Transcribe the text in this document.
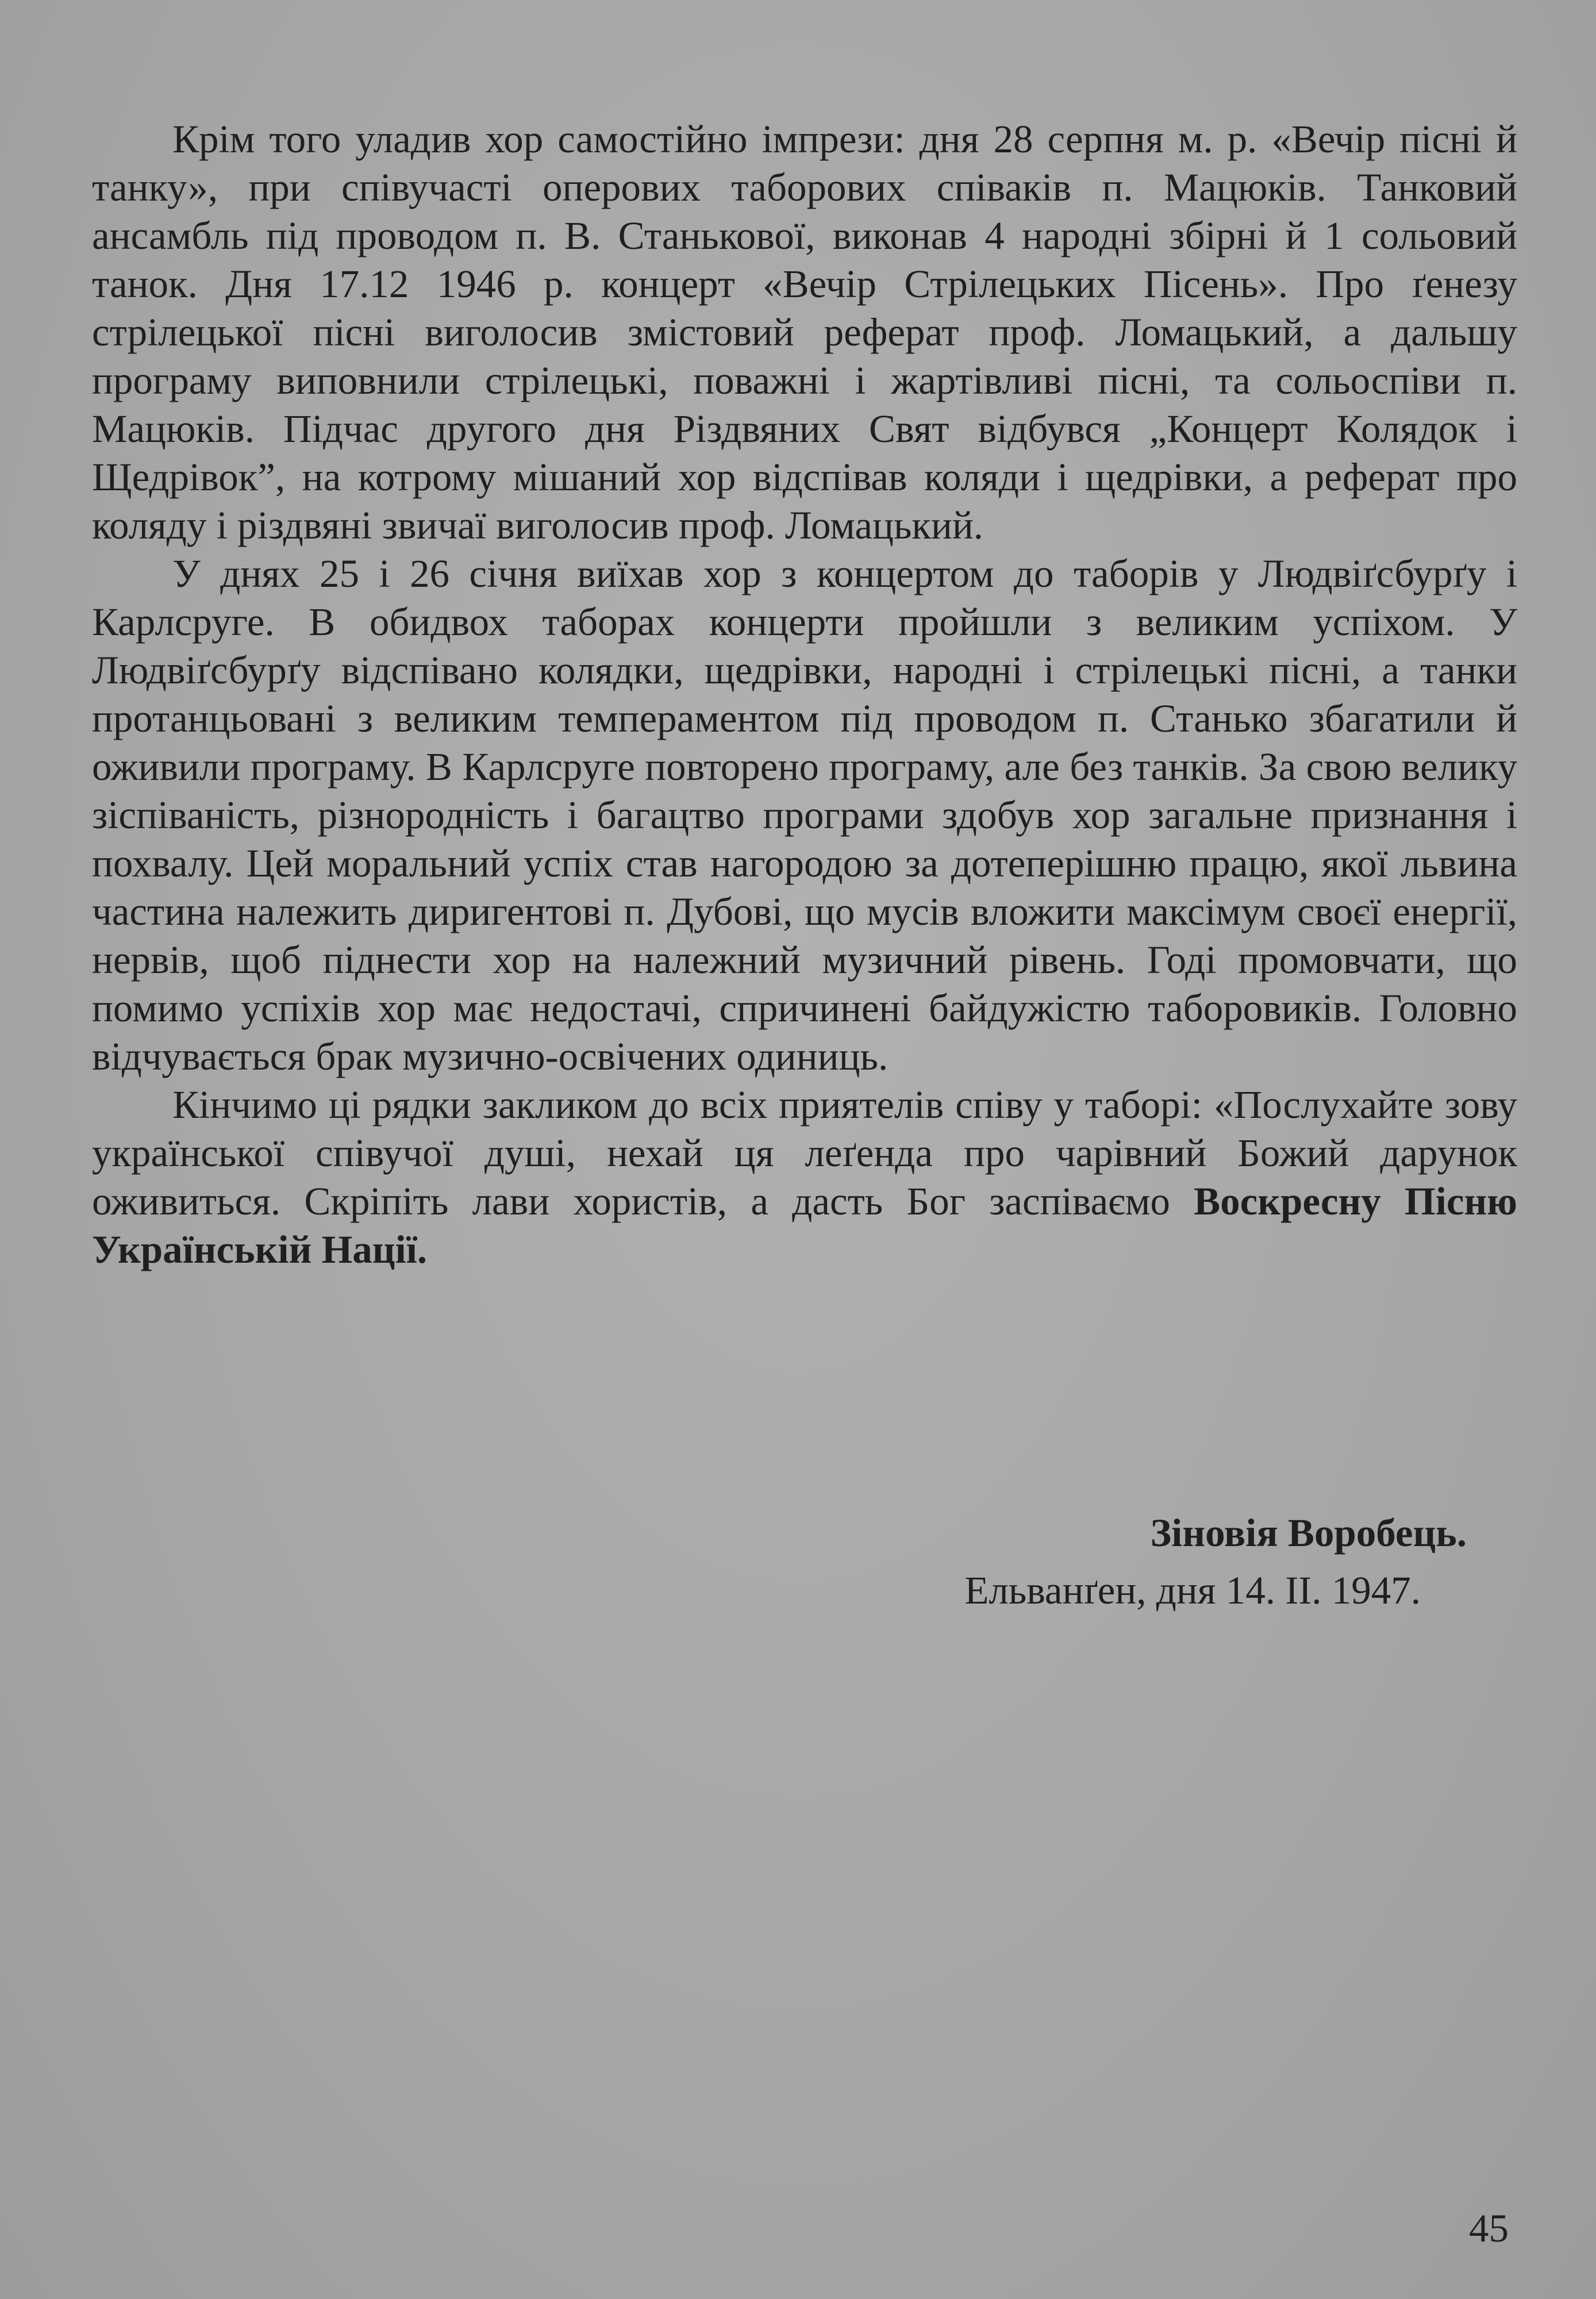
Крім того уладив хор самостійно імпрези: дня 28 серпня м. р. «Вечір пісні й танку», при співучасті оперових таборових співаків п. Мацюків. Танковий ансамбль під проводом п. В. Станькової, виконав 4 народні збірні й 1 сольовий танок. Дня 17.12 1946 р. концерт «Вечір Стрілецьких Пісень». Про ґенезу стрілецької пісні виголосив змістовий реферат проф. Ломацький, а дальшу програму виповнили стрілецькі, поважні і жартівливі пісні, та сольоспіви п. Мацюків. Підчас другого дня Різдвяних Свят відбувся „Концерт Колядок і Щедрівок”, на котрому мішаний хор відспівав коляди і щедрівки, а реферат про коляду і різдвяні звичаї виголосив проф. Ломацький.

У днях 25 і 26 січня виїхав хор з концертом до таборів у Людвіґсбурґу і Карлсруге. В обидвох таборах концерти пройшли з великим успіхом. У Людвіґсбурґу відспівано колядки, щедрівки, народні і стрілецькі пісні, а танки протанцьовані з великим темпераментом під проводом п. Станько збагатили й оживили програму. В Карлсруге повторено програму, але без танків. За свою велику зіспіваність, різнородність і багацтво програми здобув хор загальне признання і похвалу. Цей моральний успіх став нагородою за дотеперішню працю, якої львина частина належить диригентові п. Дубові, що мусів вложити максімум своєї енергії, нервів, щоб піднести хор на належний музичний рівень. Годі промовчати, що помимо успіхів хор має недостачі, спричинені байдужістю таборовиків. Головно відчувається брак музично-освічених одиниць.

Кінчимо ці рядки закликом до всіх приятелів співу у таборі: «Послухайте зову української співучої душі, нехай ця леґенда про чарівний Божий дарунок оживиться. Скріпіть лави хористів, а дасть Бог заспіваємо Воскресну Пісню Українській Нації.

Зіновія Воробець.
Ельванґен, дня 14. II. 1947.
45
